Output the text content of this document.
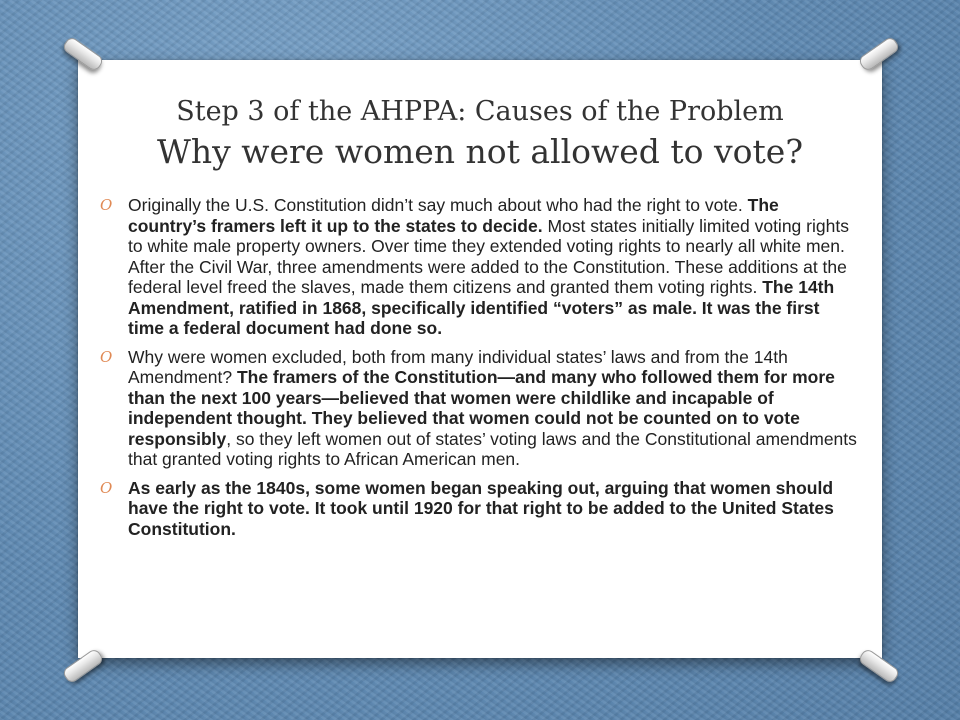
Step 3 of the AHPPA: Causes of the Problem
Why were women not allowed to vote?
O Originally the U.S. Constitution didn’t say much about who had the right to vote. The country’s framers left it up to the states to decide. Most states initially limited voting rights to white male property owners. Over time they extended voting rights to nearly all white men. After the Civil War, three amendments were added to the Constitution. These additions at the federal level freed the slaves, made them citizens and granted them voting rights. The 14th Amendment, ratified in 1868, specifically identified “voters” as male. It was the first time a federal document had done so.
O Why were women excluded, both from many individual states’ laws and from the 14th Amendment? The framers of the Constitution—and many who followed them for more than the next 100 years—believed that women were childlike and incapable of independent thought. They believed that women could not be counted on to vote responsibly, so they left women out of states’ voting laws and the Constitutional amendments that granted voting rights to African American men.
O As early as the 1840s, some women began speaking out, arguing that women should have the right to vote. It took until 1920 for that right to be added to the United States Constitution.
